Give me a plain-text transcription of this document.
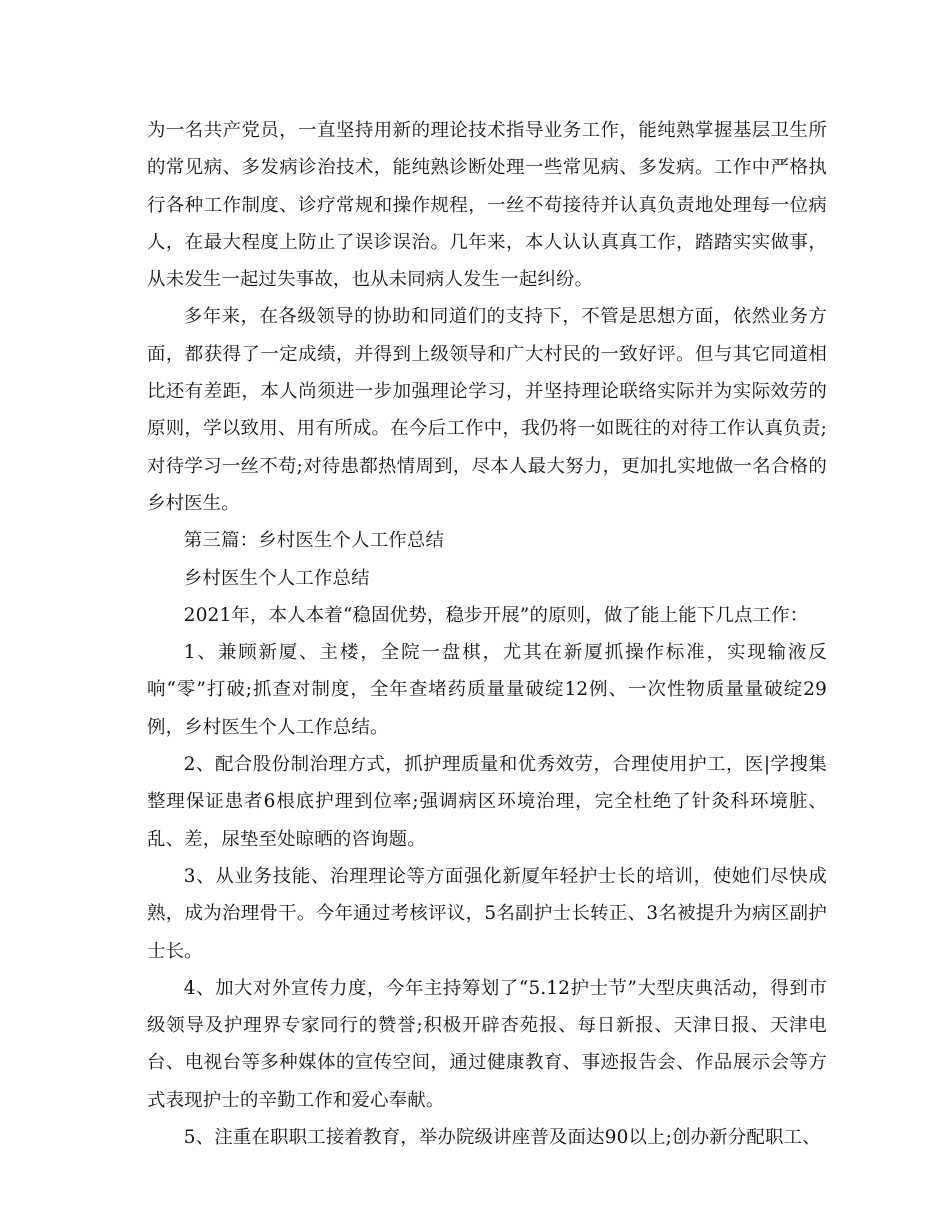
为一名共产党员，一直坚持用新的理论技术指导业务工作，能纯熟掌握基层卫生所的常见病、多发病诊治技术，能纯熟诊断处理一些常见病、多发病。工作中严格执行各种工作制度、诊疗常规和操作规程，一丝不苟接待并认真负责地处理每一位病人，在最大程度上防止了误诊误治。几年来，本人认认真真工作，踏踏实实做事，从未发生一起过失事故，也从未同病人发生一起纠纷。

多年来，在各级领导的协助和同道们的支持下，不管是思想方面，依然业务方面，都获得了一定成绩，并得到上级领导和广大村民的一致好评。但与其它同道相比还有差距，本人尚须进一步加强理论学习，并坚持理论联络实际并为实际效劳的原则，学以致用、用有所成。在今后工作中，我仍将一如既往的对待工作认真负责;对待学习一丝不苟;对待患都热情周到，尽本人最大努力，更加扎实地做一名合格的乡村医生。

第三篇：乡村医生个人工作总结

乡村医生个人工作总结

2021年，本人本着“稳固优势，稳步开展”的原则，做了能上能下几点工作：

1、兼顾新厦、主楼，全院一盘棋，尤其在新厦抓操作标准，实现输液反响“零”打破;抓查对制度，全年查堵药质量量破绽12例、一次性物质量量破绽29例，乡村医生个人工作总结。

2、配合股份制治理方式，抓护理质量和优秀效劳，合理使用护工，医|学搜集整理保证患者6根底护理到位率;强调病区环境治理，完全杜绝了针灸科环境脏、乱、差，尿垫至处晾晒的咨询题。

3、从业务技能、治理理论等方面强化新厦年轻护士长的培训，使她们尽快成熟，成为治理骨干。今年通过考核评议，5名副护士长转正、3名被提升为病区副护士长。

4、加大对外宣传力度，今年主持筹划了“5.12护士节”大型庆典活动，得到市级领导及护理界专家同行的赞誉;积极开辟杏苑报、每日新报、天津日报、天津电台、电视台等多种媒体的宣传空间，通过健康教育、事迹报告会、作品展示会等方式表现护士的辛勤工作和爱心奉献。

5、注重在职职工接着教育，举办院级讲座普及面达90以上;创办新分配职工、
